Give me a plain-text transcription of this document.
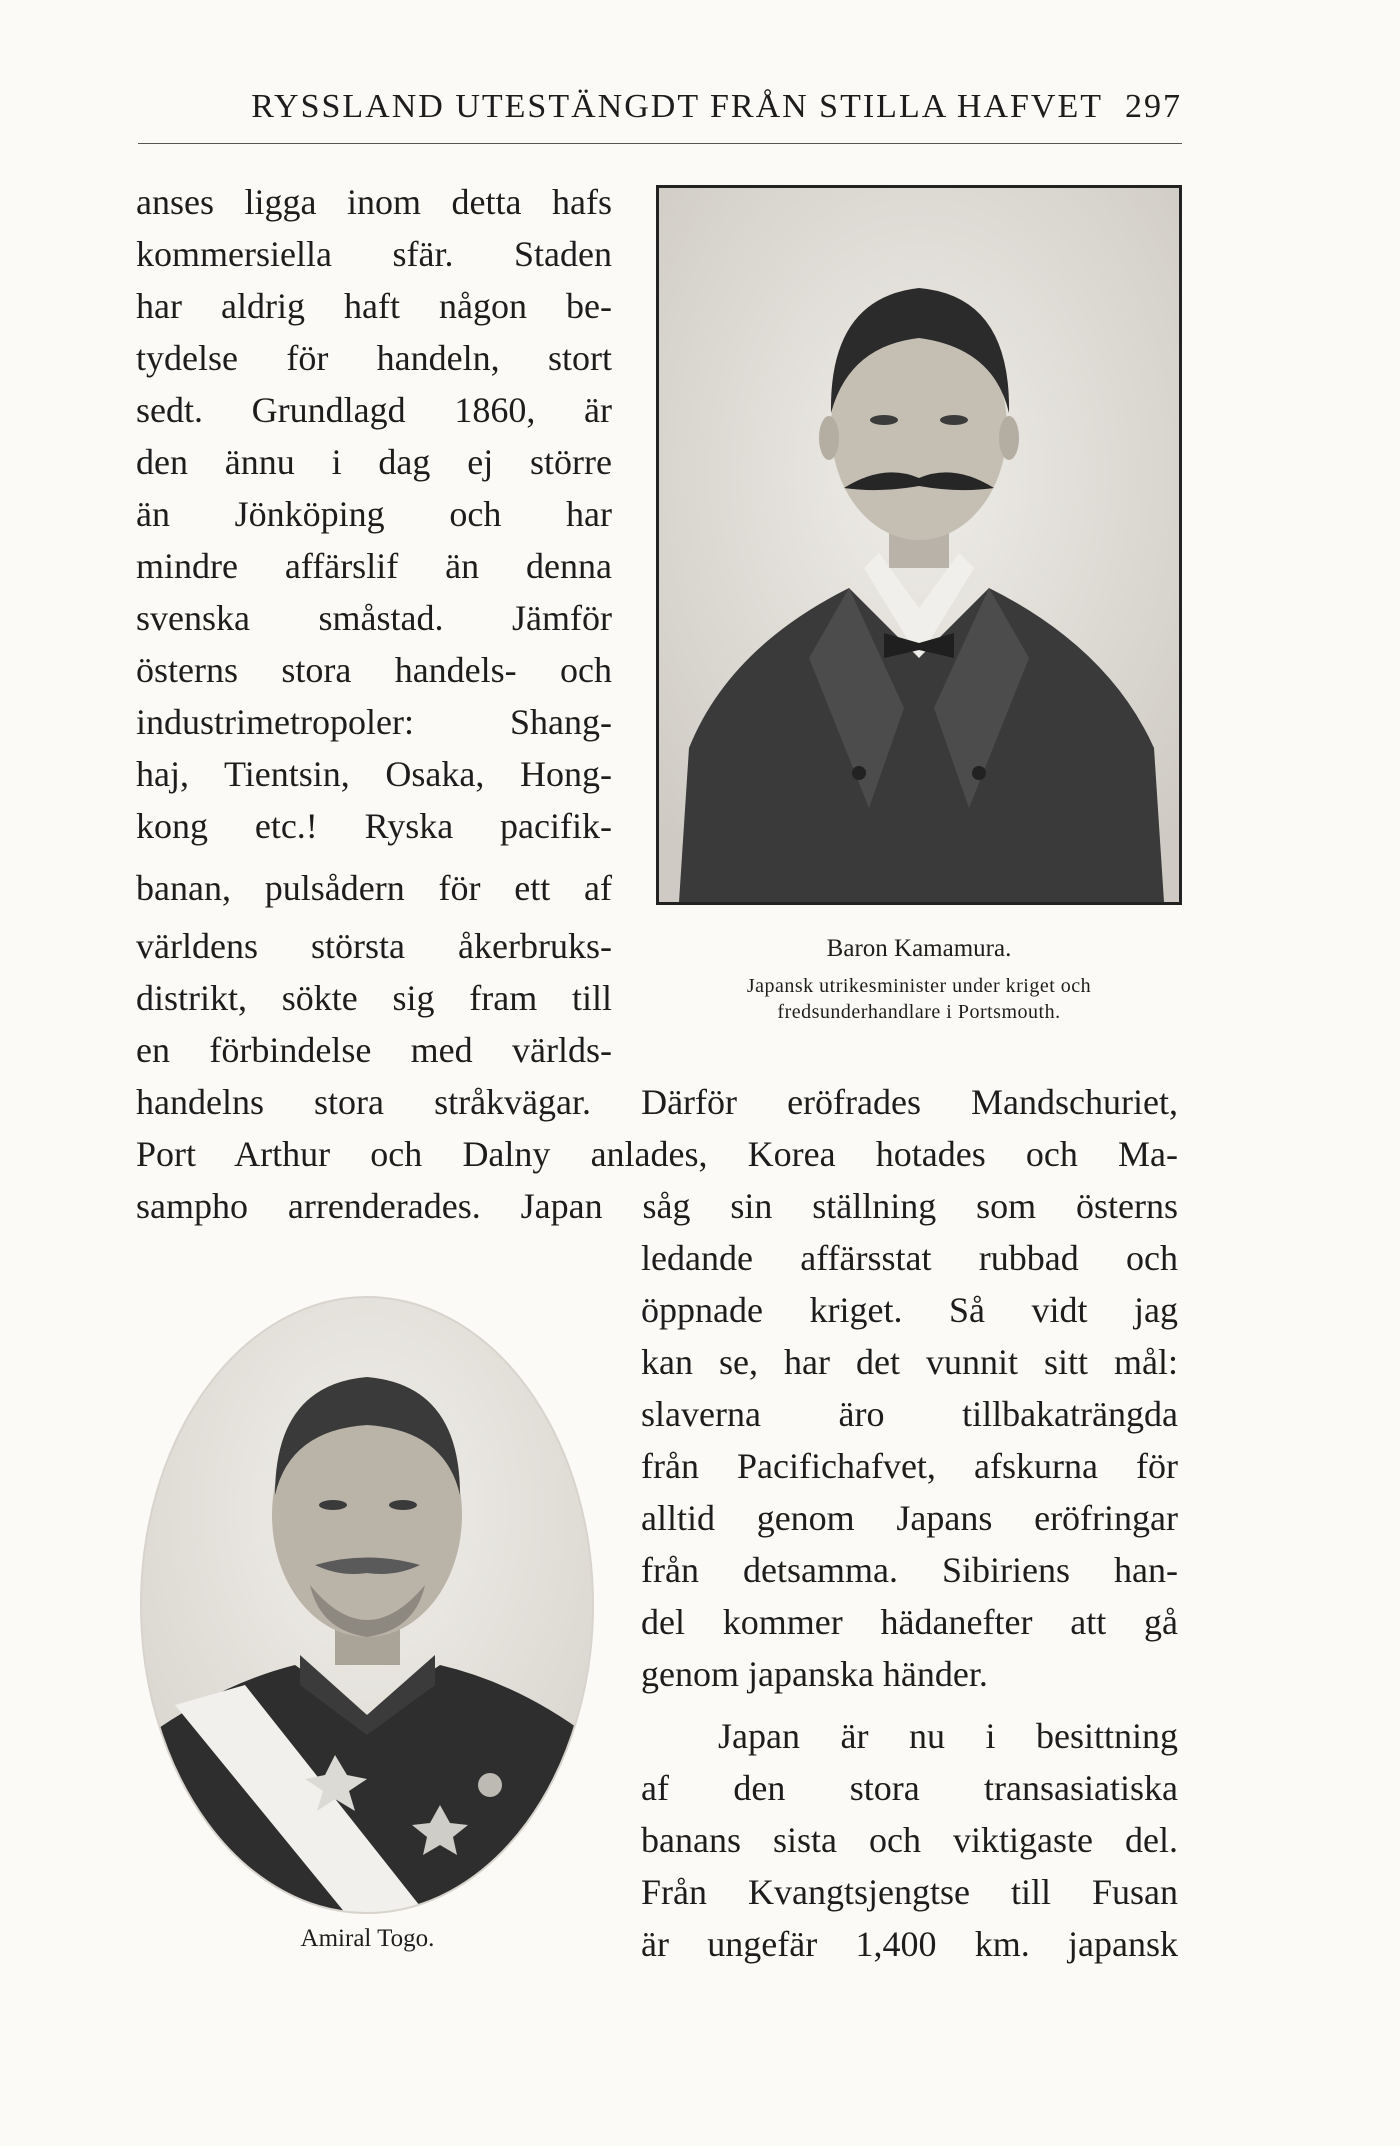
RYSSLAND UTESTÄNGDT FRÅN STILLA HAFVET 297
anses ligga inom detta hafs
kommersiella sfär. Staden
har aldrig haft någon be-
tydelse för handeln, stort
sedt. Grundlagd 1860, är
den ännu i dag ej större
än Jönköping och har
mindre affärslif än denna
svenska småstad. Jämför
österns stora handels- och
industrimetropoler: Shang-
haj, Tientsin, Osaka, Hong-
kong etc.! Ryska pacifik-
banan, pulsådern för ett af
världens största åkerbruks-
distrikt, sökte sig fram till
en förbindelse med världs-
handelns stora stråkvägar. Därför eröfrades Mandschuriet,
Port Arthur och Dalny anlades, Korea hotades och Ma-
sampho arrenderades. Japan såg sin ställning som österns
ledande affärsstat rubbad och
öppnade kriget. Så vidt jag
kan se, har det vunnit sitt mål:
slaverna äro tillbakaträngda
från Pacifichafvet, afskurna för
alltid genom Japans eröfringar
från detsamma. Sibiriens han-
del kommer hädanefter att gå
genom japanska händer.
Japan är nu i besittning
af den stora transasiatiska
banans sista och viktigaste del.
Från Kvangtsjengtse till Fusan
är ungefär 1,400 km. japansk
Baron Kamamura.
Japansk utrikesminister under kriget och
fredsunderhandlare i Portsmouth.
Amiral Togo.
